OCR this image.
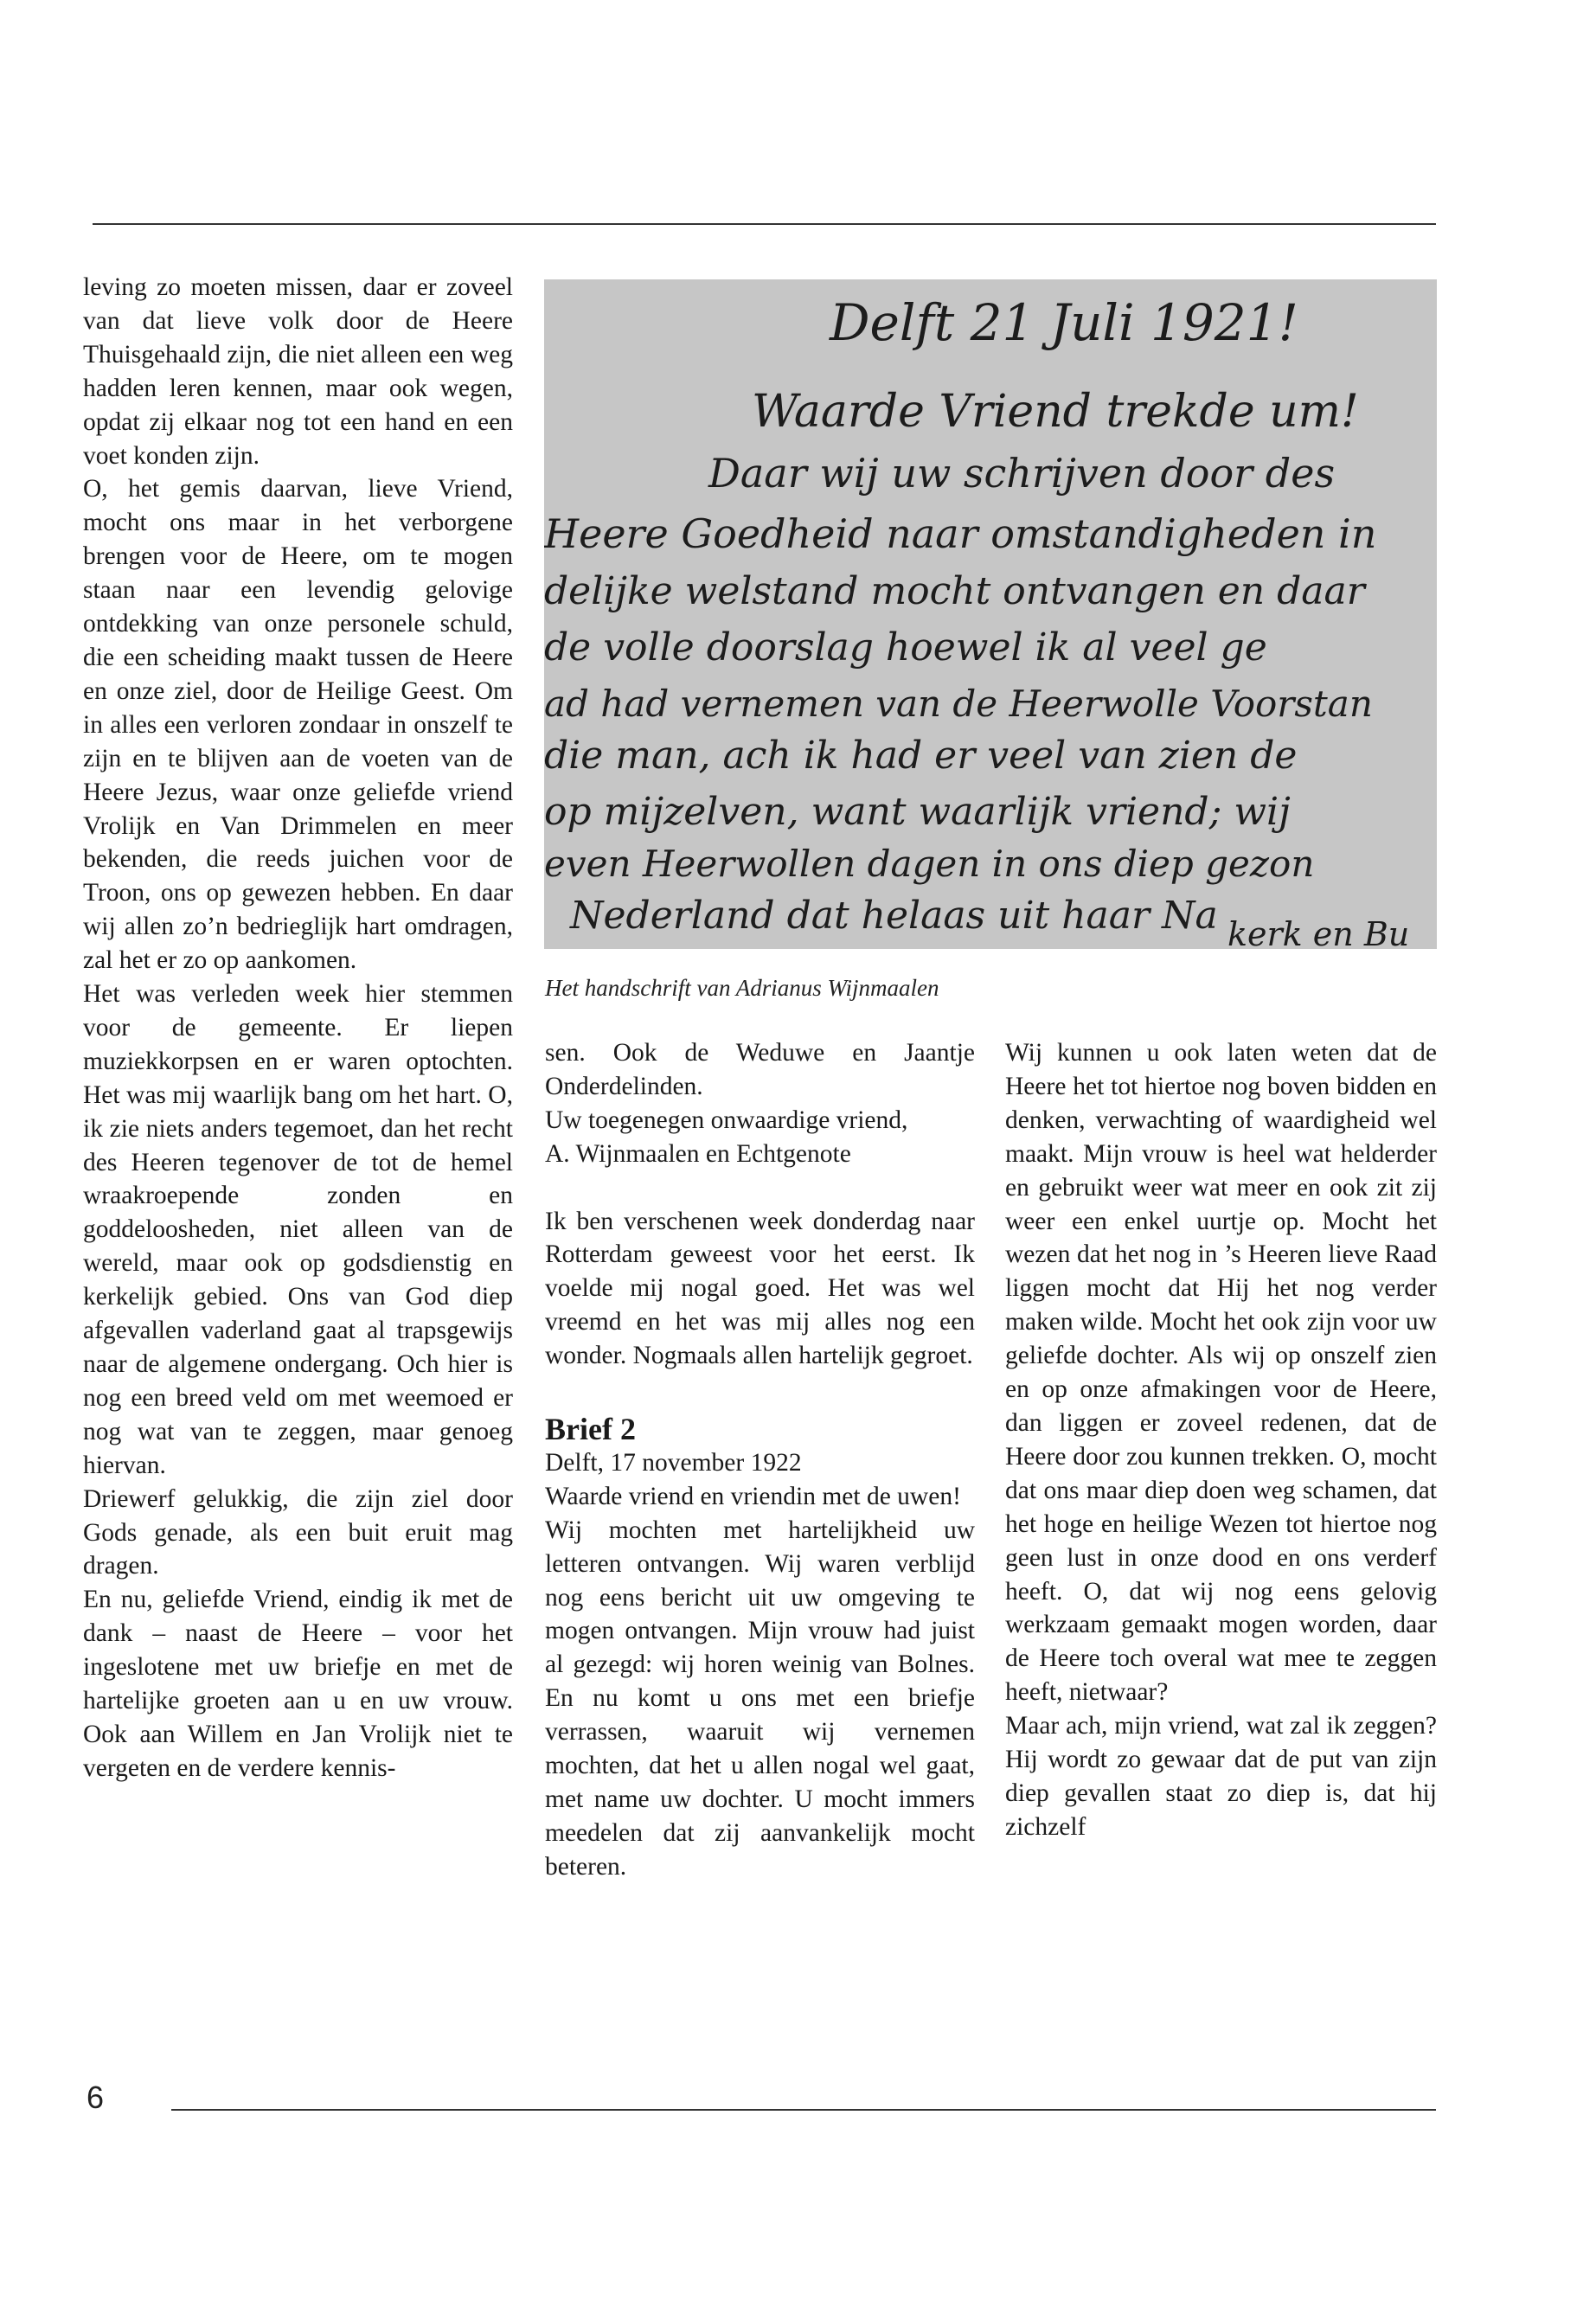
leving zo moeten missen, daar er zoveel van dat lieve volk door de Heere Thuisgehaald zijn, die niet alleen een weg hadden leren kennen, maar ook wegen, opdat zij elkaar nog tot een hand en een voet konden zijn.

O, het gemis daarvan, lieve Vriend, mocht ons maar in het verborgene brengen voor de Heere, om te mogen staan naar een levendig gelovige ontdekking van onze personele schuld, die een scheiding maakt tussen de Heere en onze ziel, door de Heilige Geest. Om in alles een verloren zondaar in onszelf te zijn en te blijven aan de voeten van de Heere Jezus, waar onze geliefde vriend Vrolijk en Van Drimmelen en meer bekenden, die reeds juichen voor de Troon, ons op gewezen hebben. En daar wij allen zo’n bedrieglijk hart omdragen, zal het er zo op aankomen.

Het was verleden week hier stemmen voor de gemeente. Er liepen muziekkorpsen en er waren optochten. Het was mij waarlijk bang om het hart. O, ik zie niets anders tegemoet, dan het recht des Heeren tegenover de tot de hemel wraakroepende zonden en goddeloosheden, niet alleen van de wereld, maar ook op godsdienstig en kerkelijk gebied. Ons van God diep afgevallen vaderland gaat al trapsgewijs naar de algemene ondergang. Och hier is nog een breed veld om met weemoed er nog wat van te zeggen, maar genoeg hiervan.

Driewerf gelukkig, die zijn ziel door Gods genade, als een buit eruit mag dragen.

En nu, geliefde Vriend, eindig ik met de dank – naast de Heere – voor het ingeslotene met uw briefje en met de hartelijke groeten aan u en uw vrouw. Ook aan Willem en Jan Vrolijk niet te vergeten en de verdere kennis-

Delft 21 Juli 1921!
Waarde Vriend trekde um!
Daar wij uw schrijven door des
Heere Goedheid naar omstandigheden in
delijke welstand mocht ontvangen en daar
de volle doorslag hoewel ik al veel ge
ad had vernemen van de Heerwolle Voorstan
die man, ach ik had er veel van zien de
op mijzelven, want waarlijk vriend; wij
even Heerwollen dagen in ons diep gezon
Nederland dat helaas uit haar Na kerk en Bu
Het handschrift van Adrianus Wijnmaalen

sen. Ook de Weduwe en Jaantje Onderdelinden.

Uw toegenegen onwaardige vriend,

A. Wijnmaalen en Echtgenote

Ik ben verschenen week donderdag naar Rotterdam geweest voor het eerst. Ik voelde mij nogal goed. Het was wel vreemd en het was mij alles nog een wonder. Nogmaals allen hartelijk gegroet.

Brief 2

Delft, 17 november 1922

Waarde vriend en vriendin met de uwen!

Wij mochten met hartelijkheid uw letteren ontvangen. Wij waren verblijd nog eens bericht uit uw omgeving te mogen ontvangen. Mijn vrouw had juist al gezegd: wij horen weinig van Bolnes. En nu komt u ons met een briefje verrassen, waaruit wij vernemen mochten, dat het u allen nogal wel gaat, met name uw dochter. U mocht immers meedelen dat zij aanvankelijk mocht beteren.

Wij kunnen u ook laten weten dat de Heere het tot hiertoe nog boven bidden en denken, verwachting of waardigheid wel maakt. Mijn vrouw is heel wat helderder en gebruikt weer wat meer en ook zit zij weer een enkel uurtje op. Mocht het wezen dat het nog in ’s Heeren lieve Raad liggen mocht dat Hij het nog verder maken wilde. Mocht het ook zijn voor uw geliefde dochter. Als wij op onszelf zien en op onze afmakingen voor de Heere, dan liggen er zoveel redenen, dat de Heere door zou kunnen trekken. O, mocht dat ons maar diep doen weg schamen, dat het hoge en heilige Wezen tot hiertoe nog geen lust in onze dood en ons verderf heeft. O, dat wij nog eens gelovig werkzaam gemaakt mogen worden, daar de Heere toch overal wat mee te zeggen heeft, nietwaar?

Maar ach, mijn vriend, wat zal ik zeggen? Hij wordt zo gewaar dat de put van zijn diep gevallen staat zo diep is, dat hij zichzelf

6
